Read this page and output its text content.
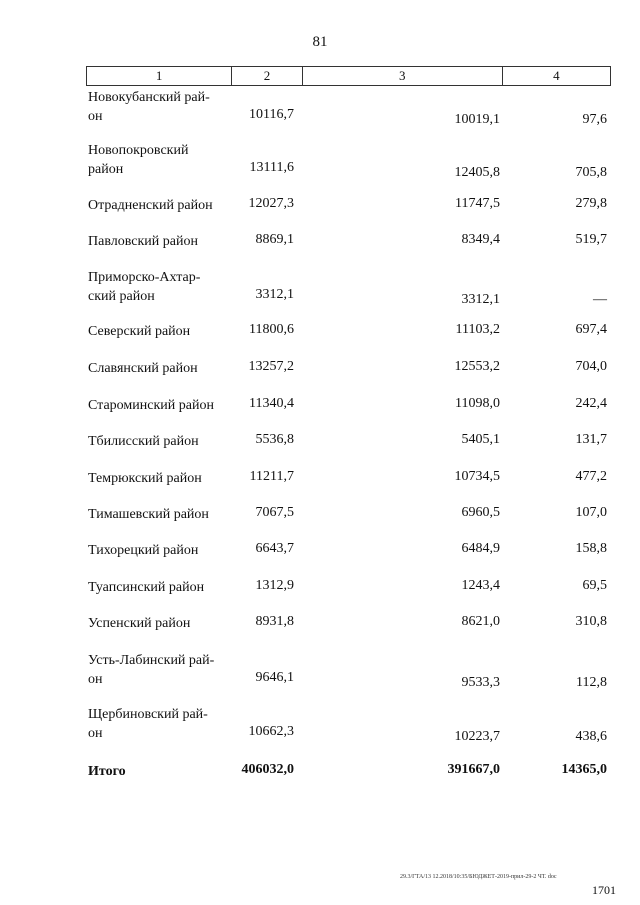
81
1	2	3	4
Новокубанский рай-
он	10116,7	10019,1	97,6
Новопокровский
район	13111,6	12405,8	705,8
Отрадненский район	12027,3	11747,5	279,8
Павловский район	8869,1	8349,4	519,7
Приморско-Ахтар-
ский район	3312,1	3312,1	—
Северский район	11800,6	11103,2	697,4
Славянский район	13257,2	12553,2	704,0
Староминский район	11340,4	11098,0	242,4
Тбилисский район	5536,8	5405,1	131,7
Темрюкский район	11211,7	10734,5	477,2
Тимашевский район	7067,5	6960,5	107,0
Тихорецкий район	6643,7	6484,9	158,8
Туапсинский район	1312,9	1243,4	69,5
Успенский район	8931,8	8621,0	310,8
Усть-Лабинский рай-
он	9646,1	9533,3	112,8
Щербиновский рай-
он	10662,3	10223,7	438,6
Итого	406032,0	391667,0	14365,0
29.3/ГТА/13 12.2018/10:35/БЮДЖЕТ-2019-прил-29-2 ЧТ. doc
1701
